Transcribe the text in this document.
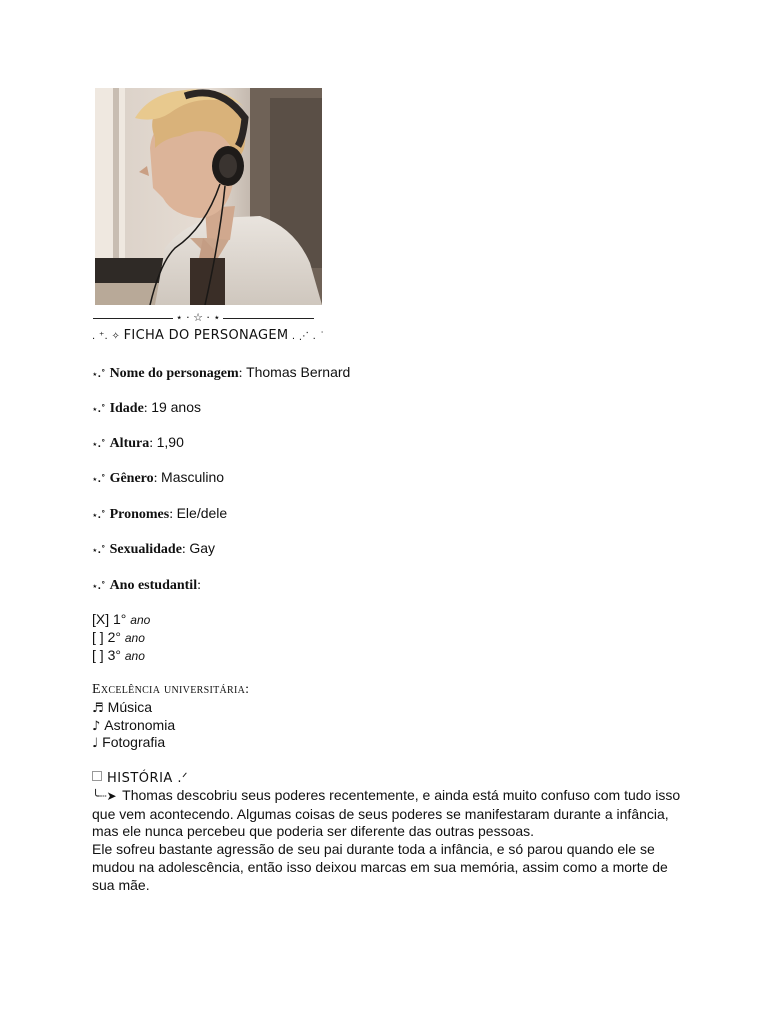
⋆ · ☆ · ⋆
. ⁺. ✧ FICHA DO PERSONAGEM . ⋰ . ˙
⋆.˚ Nome do personagem: Thomas Bernard
⋆.˚ Idade: 19 anos
⋆.˚ Altura: 1,90
⋆.˚ Gênero: Masculino
⋆.˚ Pronomes: Ele/dele
⋆.˚ Sexualidade: Gay
⋆.˚ Ano estudantil:
[X] 1° ano
[ ] 2° ano
[ ] 3° ano
Excelência universitária:
♬ Música
♪ Astronomia
♩ Fotografia
HISTÓRIA .ᐟ

╰┈➤ Thomas descobriu seus poderes recentemente, e ainda está muito confuso com tudo isso que vem acontecendo. Algumas coisas de seus poderes se manifestaram durante a infância, mas ele nunca percebeu que poderia ser diferente das outras pessoas.

Ele sofreu bastante agressão de seu pai durante toda a infância, e só parou quando ele se mudou na adolescência, então isso deixou marcas em sua memória, assim como a morte de sua mãe.
